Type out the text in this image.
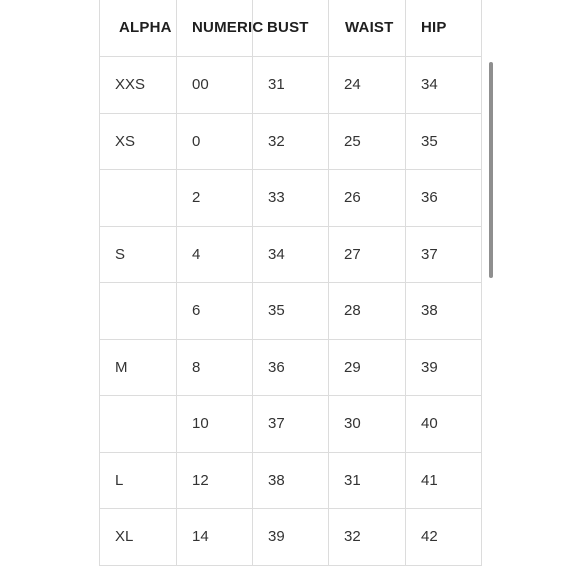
ALPHA	NUMERIC	BUST	WAIST	HIP
XXS	00	31	24	34
XS	0	32	25	35
	2	33	26	36
S	4	34	27	37
	6	35	28	38
M	8	36	29	39
	10	37	30	40
L	12	38	31	41
XL	14	39	32	42
